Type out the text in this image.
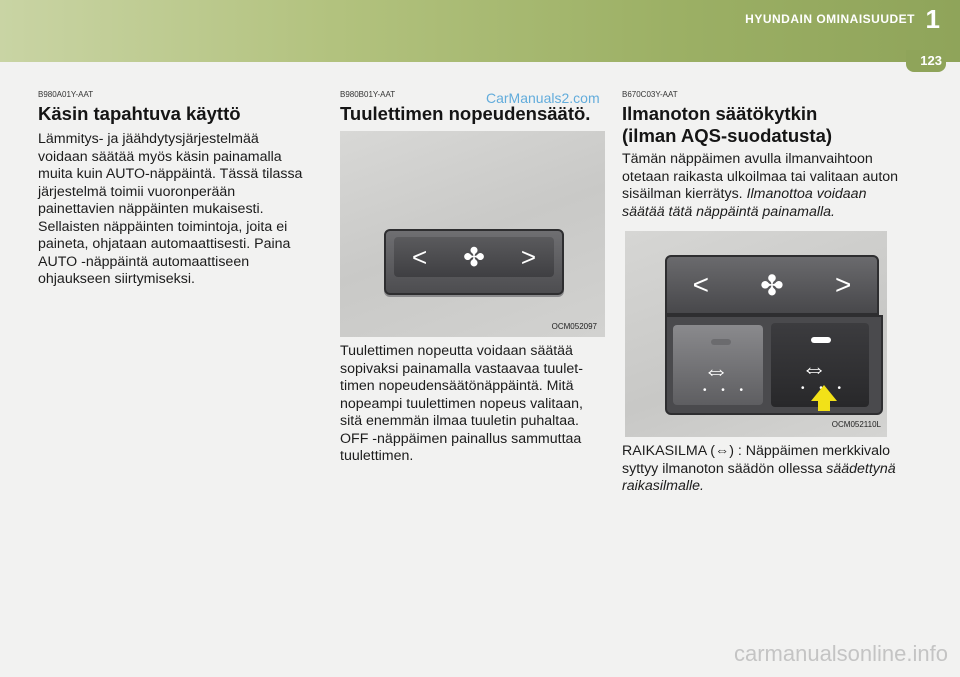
HYUNDAIN OMINAISUUDET 1
123
CarManuals2.com
B980A01Y-AAT
Käsin tapahtuva käyttö

Lämmitys- ja jäähdytysjärjestelmää voidaan säätää myös käsin painamalla muita kuin AUTO-näppäintä. Tässä tilassa järjestelmä toimii vuoronperään painettavien näppäinten mukaisesti. Sellaisten näppäinten toimintoja, joita ei paineta, ohjataan automaattisesti. Paina AUTO -näppäintä automaattiseen ohjaukseen siirtymiseksi.

B980B01Y-AAT
Tuulettimen nopeudensäätö.
< ✤ >
OCM052097

Tuulettimen nopeutta voidaan säätää sopivaksi painamalla vastaavaa tuulettimen nopeudensäätönäppäintä. Mitä nopeampi tuulettimen nopeus valitaan, sitä enemmän ilmaa tuuletin puhaltaa. OFF -näppäimen painallus sammuttaa tuulettimen.

B670C03Y-AAT
Ilmanoton säätökytkin
(ilman AQS-suodatusta)

Tämän näppäimen avulla ilmanvaihtoon otetaan raikasta ulkoilmaa tai valitaan auton sisäilman kierrätys. Ilmanottoa voidaan säätää tätä näppäintä painamalla.

< ✤ >
⇔
• • •
⇔
• • •
OCM052110L

RAIKASILMA (⇔) : Näppäimen merkkivalo syttyy ilmanoton säädön ollessa säädettynä raikasilmalle.

carmanualsonline.info
